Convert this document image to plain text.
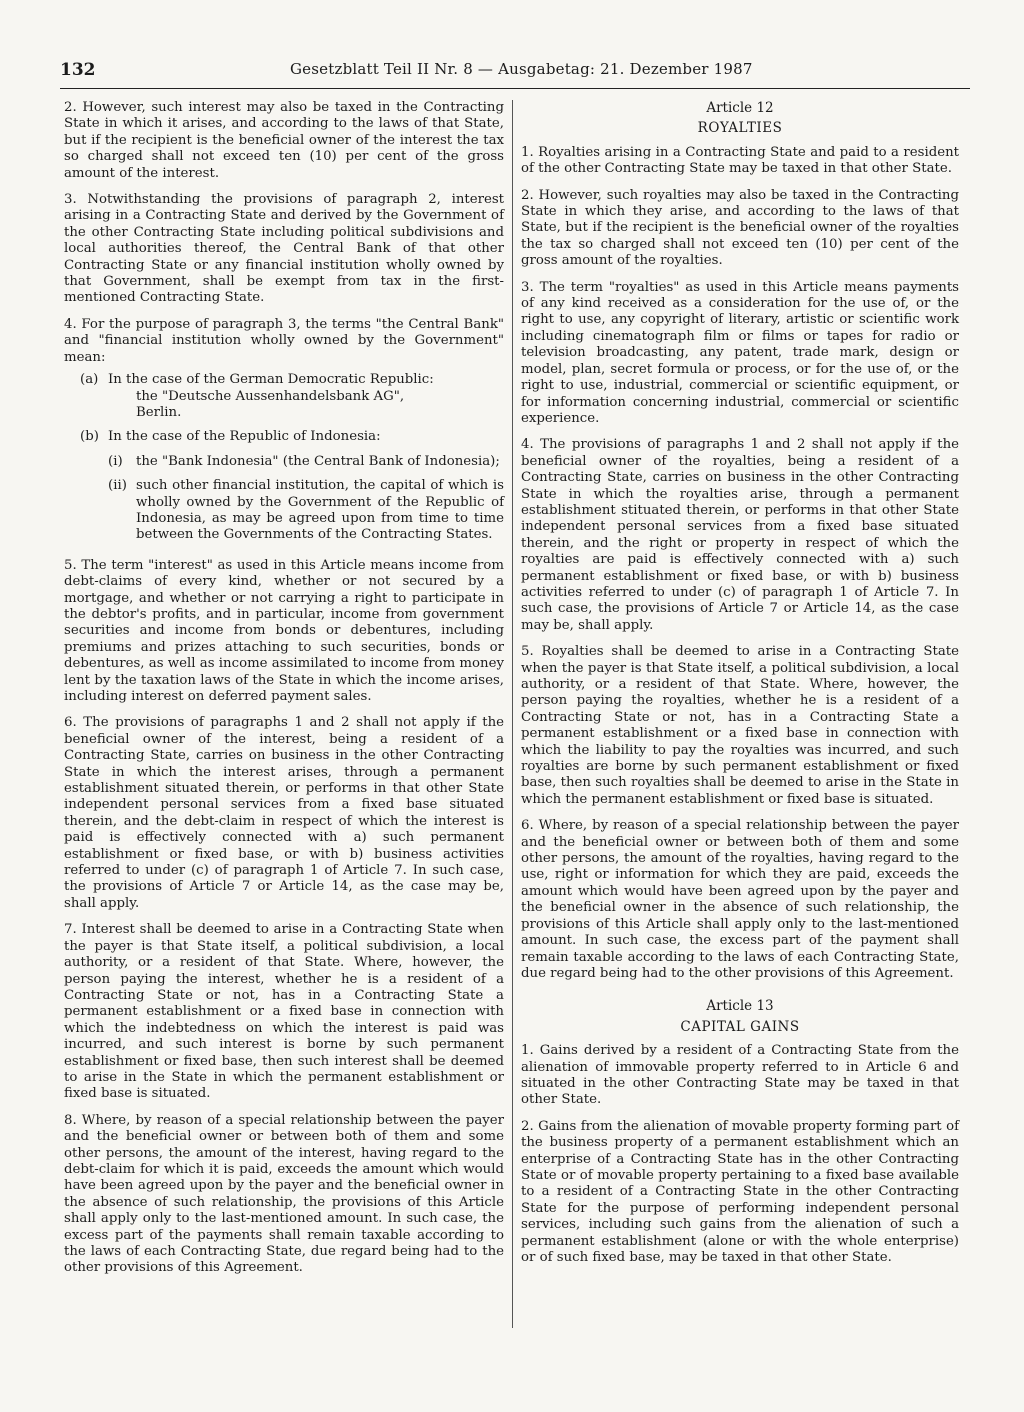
132	Gesetzblatt Teil II Nr. 8 — Ausgabetag: 21. Dezember 1987

2. However, such interest may also be taxed in the Contracting State in which it arises, and according to the laws of that State, but if the recipient is the beneficial owner of the interest the tax so charged shall not exceed ten (10) per cent of the gross amount of the interest.

3. Notwithstanding the provisions of paragraph 2, interest arising in a Contracting State and derived by the Government of the other Contracting State including political subdivisions and local authorities thereof, the Central Bank of that other Contracting State or any financial institution wholly owned by that Government, shall be exempt from tax in the first-mentioned Contracting State.

4. For the purpose of paragraph 3, the terms "the Central Bank" and "financial institution wholly owned by the Government" mean:

(a) In the case of the German Democratic Republic:
the "Deutsche Aussenhandelsbank AG",
Berlin.
(b) In the case of the Republic of Indonesia:
(i) the "Bank Indonesia" (the Central Bank of Indonesia);
(ii) such other financial institution, the capital of which is wholly owned by the Government of the Republic of Indonesia, as may be agreed upon from time to time between the Governments of the Contracting States.

5. The term "interest" as used in this Article means income from debt-claims of every kind, whether or not secured by a mortgage, and whether or not carrying a right to participate in the debtor's profits, and in particular, income from government securities and income from bonds or debentures, including premiums and prizes attaching to such securities, bonds or debentures, as well as income assimilated to income from money lent by the taxation laws of the State in which the income arises, including interest on deferred payment sales.

6. The provisions of paragraphs 1 and 2 shall not apply if the beneficial owner of the interest, being a resident of a Contracting State, carries on business in the other Contracting State in which the interest arises, through a permanent establishment situated therein, or performs in that other State independent personal services from a fixed base situated therein, and the debt-claim in respect of which the interest is paid is effectively connected with a) such permanent establishment or fixed base, or with b) business activities referred to under (c) of paragraph 1 of Article 7. In such case, the provisions of Article 7 or Article 14, as the case may be, shall apply.

7. Interest shall be deemed to arise in a Contracting State when the payer is that State itself, a political subdivision, a local authority, or a resident of that State. Where, however, the person paying the interest, whether he is a resident of a Contracting State or not, has in a Contracting State a permanent establishment or a fixed base in connection with which the indebtedness on which the interest is paid was incurred, and such interest is borne by such permanent establishment or fixed base, then such interest shall be deemed to arise in the State in which the permanent establishment or fixed base is situated.

8. Where, by reason of a special relationship between the payer and the beneficial owner or between both of them and some other persons, the amount of the interest, having regard to the debt-claim for which it is paid, exceeds the amount which would have been agreed upon by the payer and the beneficial owner in the absence of such relationship, the provisions of this Article shall apply only to the last-mentioned amount. In such case, the excess part of the payments shall remain taxable according to the laws of each Contracting State, due regard being had to the other provisions of this Agreement.

Article 12
ROYALTIES

1. Royalties arising in a Contracting State and paid to a resident of the other Contracting State may be taxed in that other State.

2. However, such royalties may also be taxed in the Contracting State in which they arise, and according to the laws of that State, but if the recipient is the beneficial owner of the royalties the tax so charged shall not exceed ten (10) per cent of the gross amount of the royalties.

3. The term "royalties" as used in this Article means payments of any kind received as a consideration for the use of, or the right to use, any copyright of literary, artistic or scientific work including cinematograph film or films or tapes for radio or television broadcasting, any patent, trade mark, design or model, plan, secret formula or process, or for the use of, or the right to use, industrial, commercial or scientific equipment, or for information concerning industrial, commercial or scientific experience.

4. The provisions of paragraphs 1 and 2 shall not apply if the beneficial owner of the royalties, being a resident of a Contracting State, carries on business in the other Contracting State in which the royalties arise, through a permanent establishment stituated therein, or performs in that other State independent personal services from a fixed base situated therein, and the right or property in respect of which the royalties are paid is effectively connected with a) such permanent establishment or fixed base, or with b) business activities referred to under (c) of paragraph 1 of Article 7. In such case, the provisions of Article 7 or Article 14, as the case may be, shall apply.

5. Royalties shall be deemed to arise in a Contracting State when the payer is that State itself, a political subdivision, a local authority, or a resident of that State. Where, however, the person paying the royalties, whether he is a resident of a Contracting State or not, has in a Contracting State a permanent establishment or a fixed base in connection with which the liability to pay the royalties was incurred, and such royalties are borne by such permanent establishment or fixed base, then such royalties shall be deemed to arise in the State in which the permanent establishment or fixed base is situated.

6. Where, by reason of a special relationship between the payer and the beneficial owner or between both of them and some other persons, the amount of the royalties, having regard to the use, right or information for which they are paid, exceeds the amount which would have been agreed upon by the payer and the beneficial owner in the absence of such relationship, the provisions of this Article shall apply only to the last-mentioned amount. In such case, the excess part of the payment shall remain taxable according to the laws of each Contracting State, due regard being had to the other provisions of this Agreement.

Article 13
CAPITAL GAINS

1. Gains derived by a resident of a Contracting State from the alienation of immovable property referred to in Article 6 and situated in the other Contracting State may be taxed in that other State.

2. Gains from the alienation of movable property forming part of the business property of a permanent establishment which an enterprise of a Contracting State has in the other Contracting State or of movable property pertaining to a fixed base available to a resident of a Contracting State in the other Contracting State for the purpose of performing independent personal services, including such gains from the alienation of such a permanent establishment (alone or with the whole enterprise) or of such fixed base, may be taxed in that other State.
